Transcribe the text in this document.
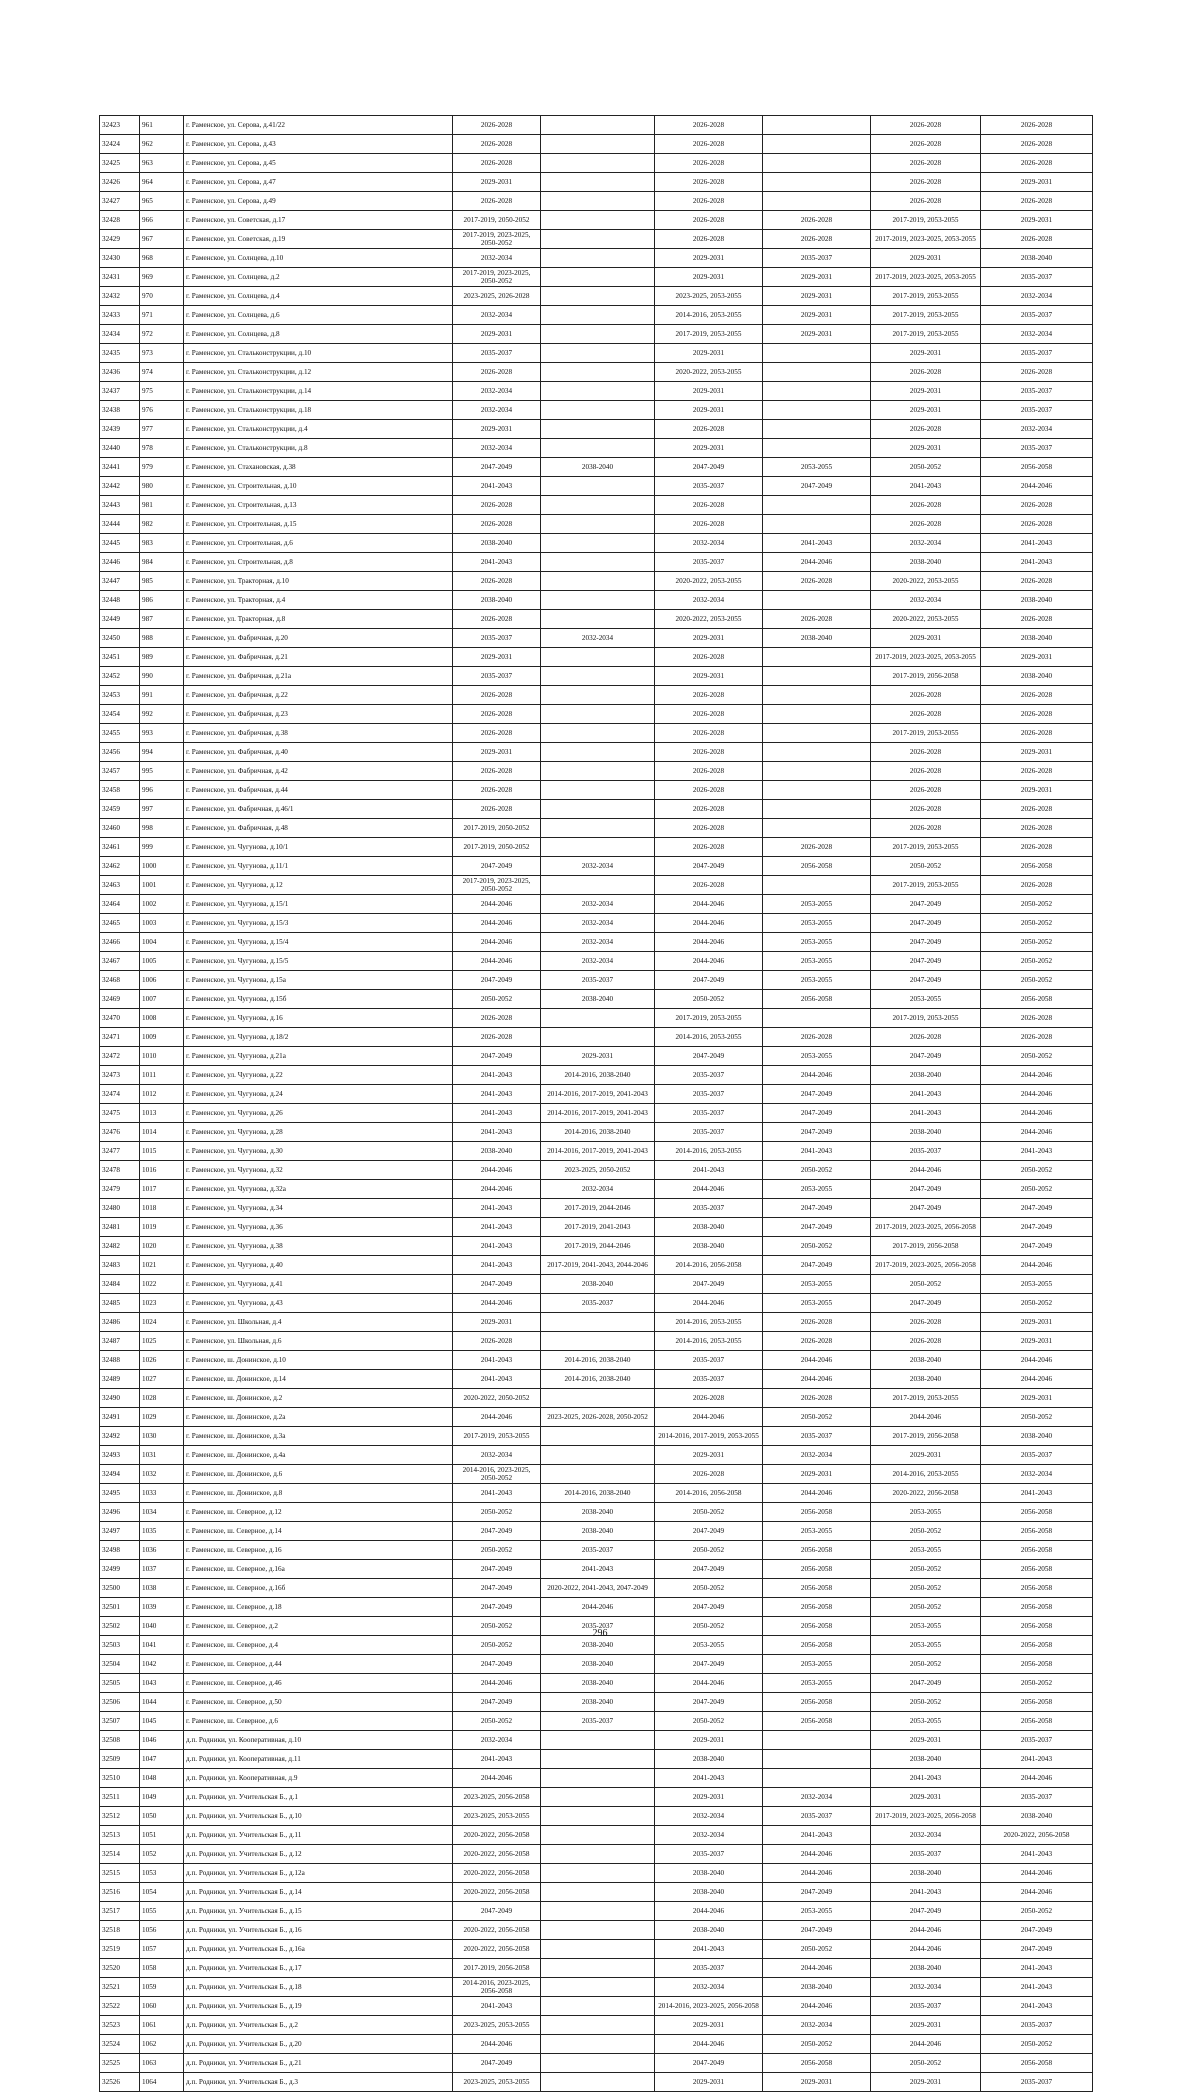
32423	961	г. Раменское, ул. Серова, д.41/22	2026-2028		2026-2028		2026-2028	2026-2028
32424	962	г. Раменское, ул. Серова, д.43	2026-2028		2026-2028		2026-2028	2026-2028
32425	963	г. Раменское, ул. Серова, д.45	2026-2028		2026-2028		2026-2028	2026-2028
32426	964	г. Раменское, ул. Серова, д.47	2029-2031		2026-2028		2026-2028	2029-2031
32427	965	г. Раменское, ул. Серова, д.49	2026-2028		2026-2028		2026-2028	2026-2028
32428	966	г. Раменское, ул. Советская, д.17	2017-2019, 2050-2052		2026-2028	2026-2028	2017-2019, 2053-2055	2029-2031
32429	967	г. Раменское, ул. Советская, д.19	2017-2019, 2023-2025, 2050-2052		2026-2028	2026-2028	2017-2019, 2023-2025, 2053-2055	2026-2028
32430	968	г. Раменское, ул. Солнцева, д.10	2032-2034		2029-2031	2035-2037	2029-2031	2038-2040
32431	969	г. Раменское, ул. Солнцева, д.2	2017-2019, 2023-2025, 2050-2052		2029-2031	2029-2031	2017-2019, 2023-2025, 2053-2055	2035-2037
32432	970	г. Раменское, ул. Солнцева, д.4	2023-2025, 2026-2028		2023-2025, 2053-2055	2029-2031	2017-2019, 2053-2055	2032-2034
32433	971	г. Раменское, ул. Солнцева, д.6	2032-2034		2014-2016, 2053-2055	2029-2031	2017-2019, 2053-2055	2035-2037
32434	972	г. Раменское, ул. Солнцева, д.8	2029-2031		2017-2019, 2053-2055	2029-2031	2017-2019, 2053-2055	2032-2034
32435	973	г. Раменское, ул. Стальконструкции, д.10	2035-2037		2029-2031		2029-2031	2035-2037
32436	974	г. Раменское, ул. Стальконструкции, д.12	2026-2028		2020-2022, 2053-2055		2026-2028	2026-2028
32437	975	г. Раменское, ул. Стальконструкции, д.14	2032-2034		2029-2031		2029-2031	2035-2037
32438	976	г. Раменское, ул. Стальконструкции, д.18	2032-2034		2029-2031		2029-2031	2035-2037
32439	977	г. Раменское, ул. Стальконструкции, д.4	2029-2031		2026-2028		2026-2028	2032-2034
32440	978	г. Раменское, ул. Стальконструкции, д.8	2032-2034		2029-2031		2029-2031	2035-2037
32441	979	г. Раменское, ул. Стахановская, д.38	2047-2049	2038-2040	2047-2049	2053-2055	2050-2052	2056-2058
32442	980	г. Раменское, ул. Строительная, д.10	2041-2043		2035-2037	2047-2049	2041-2043	2044-2046
32443	981	г. Раменское, ул. Строительная, д.13	2026-2028		2026-2028		2026-2028	2026-2028
32444	982	г. Раменское, ул. Строительная, д.15	2026-2028		2026-2028		2026-2028	2026-2028
32445	983	г. Раменское, ул. Строительная, д.6	2038-2040		2032-2034	2041-2043	2032-2034	2041-2043
32446	984	г. Раменское, ул. Строительная, д.8	2041-2043		2035-2037	2044-2046	2038-2040	2041-2043
32447	985	г. Раменское, ул. Тракторная, д.10	2026-2028		2020-2022, 2053-2055	2026-2028	2020-2022, 2053-2055	2026-2028
32448	986	г. Раменское, ул. Тракторная, д.4	2038-2040		2032-2034		2032-2034	2038-2040
32449	987	г. Раменское, ул. Тракторная, д.8	2026-2028		2020-2022, 2053-2055	2026-2028	2020-2022, 2053-2055	2026-2028
32450	988	г. Раменское, ул. Фабричная, д.20	2035-2037	2032-2034	2029-2031	2038-2040	2029-2031	2038-2040
32451	989	г. Раменское, ул. Фабричная, д.21	2029-2031		2026-2028		2017-2019, 2023-2025, 2053-2055	2029-2031
32452	990	г. Раменское, ул. Фабричная, д.21а	2035-2037		2029-2031		2017-2019, 2056-2058	2038-2040
32453	991	г. Раменское, ул. Фабричная, д.22	2026-2028		2026-2028		2026-2028	2026-2028
32454	992	г. Раменское, ул. Фабричная, д.23	2026-2028		2026-2028		2026-2028	2026-2028
32455	993	г. Раменское, ул. Фабричная, д.38	2026-2028		2026-2028		2017-2019, 2053-2055	2026-2028
32456	994	г. Раменское, ул. Фабричная, д.40	2029-2031		2026-2028		2026-2028	2029-2031
32457	995	г. Раменское, ул. Фабричная, д.42	2026-2028		2026-2028		2026-2028	2026-2028
32458	996	г. Раменское, ул. Фабричная, д.44	2026-2028		2026-2028		2026-2028	2029-2031
32459	997	г. Раменское, ул. Фабричная, д.46/1	2026-2028		2026-2028		2026-2028	2026-2028
32460	998	г. Раменское, ул. Фабричная, д.48	2017-2019, 2050-2052		2026-2028		2026-2028	2026-2028
32461	999	г. Раменское, ул. Чугунова, д.10/1	2017-2019, 2050-2052		2026-2028	2026-2028	2017-2019, 2053-2055	2026-2028
32462	1000	г. Раменское, ул. Чугунова, д.11/1	2047-2049	2032-2034	2047-2049	2056-2058	2050-2052	2056-2058
32463	1001	г. Раменское, ул. Чугунова, д.12	2017-2019, 2023-2025, 2050-2052		2026-2028		2017-2019, 2053-2055	2026-2028
32464	1002	г. Раменское, ул. Чугунова, д.15/1	2044-2046	2032-2034	2044-2046	2053-2055	2047-2049	2050-2052
32465	1003	г. Раменское, ул. Чугунова, д.15/3	2044-2046	2032-2034	2044-2046	2053-2055	2047-2049	2050-2052
32466	1004	г. Раменское, ул. Чугунова, д.15/4	2044-2046	2032-2034	2044-2046	2053-2055	2047-2049	2050-2052
32467	1005	г. Раменское, ул. Чугунова, д.15/5	2044-2046	2032-2034	2044-2046	2053-2055	2047-2049	2050-2052
32468	1006	г. Раменское, ул. Чугунова, д.15а	2047-2049	2035-2037	2047-2049	2053-2055	2047-2049	2050-2052
32469	1007	г. Раменское, ул. Чугунова, д.15б	2050-2052	2038-2040	2050-2052	2056-2058	2053-2055	2056-2058
32470	1008	г. Раменское, ул. Чугунова, д.16	2026-2028		2017-2019, 2053-2055		2017-2019, 2053-2055	2026-2028
32471	1009	г. Раменское, ул. Чугунова, д.18/2	2026-2028		2014-2016, 2053-2055	2026-2028	2026-2028	2026-2028
32472	1010	г. Раменское, ул. Чугунова, д.21а	2047-2049	2029-2031	2047-2049	2053-2055	2047-2049	2050-2052
32473	1011	г. Раменское, ул. Чугунова, д.22	2041-2043	2014-2016, 2038-2040	2035-2037	2044-2046	2038-2040	2044-2046
32474	1012	г. Раменское, ул. Чугунова, д.24	2041-2043	2014-2016, 2017-2019, 2041-2043	2035-2037	2047-2049	2041-2043	2044-2046
32475	1013	г. Раменское, ул. Чугунова, д.26	2041-2043	2014-2016, 2017-2019, 2041-2043	2035-2037	2047-2049	2041-2043	2044-2046
32476	1014	г. Раменское, ул. Чугунова, д.28	2041-2043	2014-2016, 2038-2040	2035-2037	2047-2049	2038-2040	2044-2046
32477	1015	г. Раменское, ул. Чугунова, д.30	2038-2040	2014-2016, 2017-2019, 2041-2043	2014-2016, 2053-2055	2041-2043	2035-2037	2041-2043
32478	1016	г. Раменское, ул. Чугунова, д.32	2044-2046	2023-2025, 2050-2052	2041-2043	2050-2052	2044-2046	2050-2052
32479	1017	г. Раменское, ул. Чугунова, д.32а	2044-2046	2032-2034	2044-2046	2053-2055	2047-2049	2050-2052
32480	1018	г. Раменское, ул. Чугунова, д.34	2041-2043	2017-2019, 2044-2046	2035-2037	2047-2049	2047-2049	2047-2049
32481	1019	г. Раменское, ул. Чугунова, д.36	2041-2043	2017-2019, 2041-2043	2038-2040	2047-2049	2017-2019, 2023-2025, 2056-2058	2047-2049
32482	1020	г. Раменское, ул. Чугунова, д.38	2041-2043	2017-2019, 2044-2046	2038-2040	2050-2052	2017-2019, 2056-2058	2047-2049
32483	1021	г. Раменское, ул. Чугунова, д.40	2041-2043	2017-2019, 2041-2043, 2044-2046	2014-2016, 2056-2058	2047-2049	2017-2019, 2023-2025, 2056-2058	2044-2046
32484	1022	г. Раменское, ул. Чугунова, д.41	2047-2049	2038-2040	2047-2049	2053-2055	2050-2052	2053-2055
32485	1023	г. Раменское, ул. Чугунова, д.43	2044-2046	2035-2037	2044-2046	2053-2055	2047-2049	2050-2052
32486	1024	г. Раменское, ул. Школьная, д.4	2029-2031		2014-2016, 2053-2055	2026-2028	2026-2028	2029-2031
32487	1025	г. Раменское, ул. Школьная, д.6	2026-2028		2014-2016, 2053-2055	2026-2028	2026-2028	2029-2031
32488	1026	г. Раменское, ш. Донинское, д.10	2041-2043	2014-2016, 2038-2040	2035-2037	2044-2046	2038-2040	2044-2046
32489	1027	г. Раменское, ш. Донинское, д.14	2041-2043	2014-2016, 2038-2040	2035-2037	2044-2046	2038-2040	2044-2046
32490	1028	г. Раменское, ш. Донинское, д.2	2020-2022, 2050-2052		2026-2028	2026-2028	2017-2019, 2053-2055	2029-2031
32491	1029	г. Раменское, ш. Донинское, д.2а	2044-2046	2023-2025, 2026-2028, 2050-2052	2044-2046	2050-2052	2044-2046	2050-2052
32492	1030	г. Раменское, ш. Донинское, д.3а	2017-2019, 2053-2055		2014-2016, 2017-2019, 2053-2055	2035-2037	2017-2019, 2056-2058	2038-2040
32493	1031	г. Раменское, ш. Донинское, д.4а	2032-2034		2029-2031	2032-2034	2029-2031	2035-2037
32494	1032	г. Раменское, ш. Донинское, д.6	2014-2016, 2023-2025, 2050-2052		2026-2028	2029-2031	2014-2016, 2053-2055	2032-2034
32495	1033	г. Раменское, ш. Донинское, д.8	2041-2043	2014-2016, 2038-2040	2014-2016, 2056-2058	2044-2046	2020-2022, 2056-2058	2041-2043
32496	1034	г. Раменское, ш. Северное, д.12	2050-2052	2038-2040	2050-2052	2056-2058	2053-2055	2056-2058
32497	1035	г. Раменское, ш. Северное, д.14	2047-2049	2038-2040	2047-2049	2053-2055	2050-2052	2056-2058
32498	1036	г. Раменское, ш. Северное, д.16	2050-2052	2035-2037	2050-2052	2056-2058	2053-2055	2056-2058
32499	1037	г. Раменское, ш. Северное, д.16а	2047-2049	2041-2043	2047-2049	2056-2058	2050-2052	2056-2058
32500	1038	г. Раменское, ш. Северное, д.16б	2047-2049	2020-2022, 2041-2043, 2047-2049	2050-2052	2056-2058	2050-2052	2056-2058
32501	1039	г. Раменское, ш. Северное, д.18	2047-2049	2044-2046	2047-2049	2056-2058	2050-2052	2056-2058
32502	1040	г. Раменское, ш. Северное, д.2	2050-2052	2035-2037	2050-2052	2056-2058	2053-2055	2056-2058
32503	1041	г. Раменское, ш. Северное, д.4	2050-2052	2038-2040	2053-2055	2056-2058	2053-2055	2056-2058
32504	1042	г. Раменское, ш. Северное, д.44	2047-2049	2038-2040	2047-2049	2053-2055	2050-2052	2056-2058
32505	1043	г. Раменское, ш. Северное, д.46	2044-2046	2038-2040	2044-2046	2053-2055	2047-2049	2050-2052
32506	1044	г. Раменское, ш. Северное, д.50	2047-2049	2038-2040	2047-2049	2056-2058	2050-2052	2056-2058
32507	1045	г. Раменское, ш. Северное, д.6	2050-2052	2035-2037	2050-2052	2056-2058	2053-2055	2056-2058
32508	1046	д.п. Родники, ул. Кооперативная, д.10	2032-2034		2029-2031		2029-2031	2035-2037
32509	1047	д.п. Родники, ул. Кооперативная, д.11	2041-2043		2038-2040		2038-2040	2041-2043
32510	1048	д.п. Родники, ул. Кооперативная, д.9	2044-2046		2041-2043		2041-2043	2044-2046
32511	1049	д.п. Родники, ул. Учительская Б., д.1	2023-2025, 2056-2058		2029-2031	2032-2034	2029-2031	2035-2037
32512	1050	д.п. Родники, ул. Учительская Б., д.10	2023-2025, 2053-2055		2032-2034	2035-2037	2017-2019, 2023-2025, 2056-2058	2038-2040
32513	1051	д.п. Родники, ул. Учительская Б., д.11	2020-2022, 2056-2058		2032-2034	2041-2043	2032-2034	2020-2022, 2056-2058
32514	1052	д.п. Родники, ул. Учительская Б., д.12	2020-2022, 2056-2058		2035-2037	2044-2046	2035-2037	2041-2043
32515	1053	д.п. Родники, ул. Учительская Б., д.12а	2020-2022, 2056-2058		2038-2040	2044-2046	2038-2040	2044-2046
32516	1054	д.п. Родники, ул. Учительская Б., д.14	2020-2022, 2056-2058		2038-2040	2047-2049	2041-2043	2044-2046
32517	1055	д.п. Родники, ул. Учительская Б., д.15	2047-2049		2044-2046	2053-2055	2047-2049	2050-2052
32518	1056	д.п. Родники, ул. Учительская Б., д.16	2020-2022, 2056-2058		2038-2040	2047-2049	2044-2046	2047-2049
32519	1057	д.п. Родники, ул. Учительская Б., д.16а	2020-2022, 2056-2058		2041-2043	2050-2052	2044-2046	2047-2049
32520	1058	д.п. Родники, ул. Учительская Б., д.17	2017-2019, 2056-2058		2035-2037	2044-2046	2038-2040	2041-2043
32521	1059	д.п. Родники, ул. Учительская Б., д.18	2014-2016, 2023-2025, 2056-2058		2032-2034	2038-2040	2032-2034	2041-2043
32522	1060	д.п. Родники, ул. Учительская Б., д.19	2041-2043		2014-2016, 2023-2025, 2056-2058	2044-2046	2035-2037	2041-2043
32523	1061	д.п. Родники, ул. Учительская Б., д.2	2023-2025, 2053-2055		2029-2031	2032-2034	2029-2031	2035-2037
32524	1062	д.п. Родники, ул. Учительская Б., д.20	2044-2046		2044-2046	2050-2052	2044-2046	2050-2052
32525	1063	д.п. Родники, ул. Учительская Б., д.21	2047-2049		2047-2049	2056-2058	2050-2052	2056-2058
32526	1064	д.п. Родники, ул. Учительская Б., д.3	2023-2025, 2053-2055		2029-2031	2029-2031	2029-2031	2035-2037
296
